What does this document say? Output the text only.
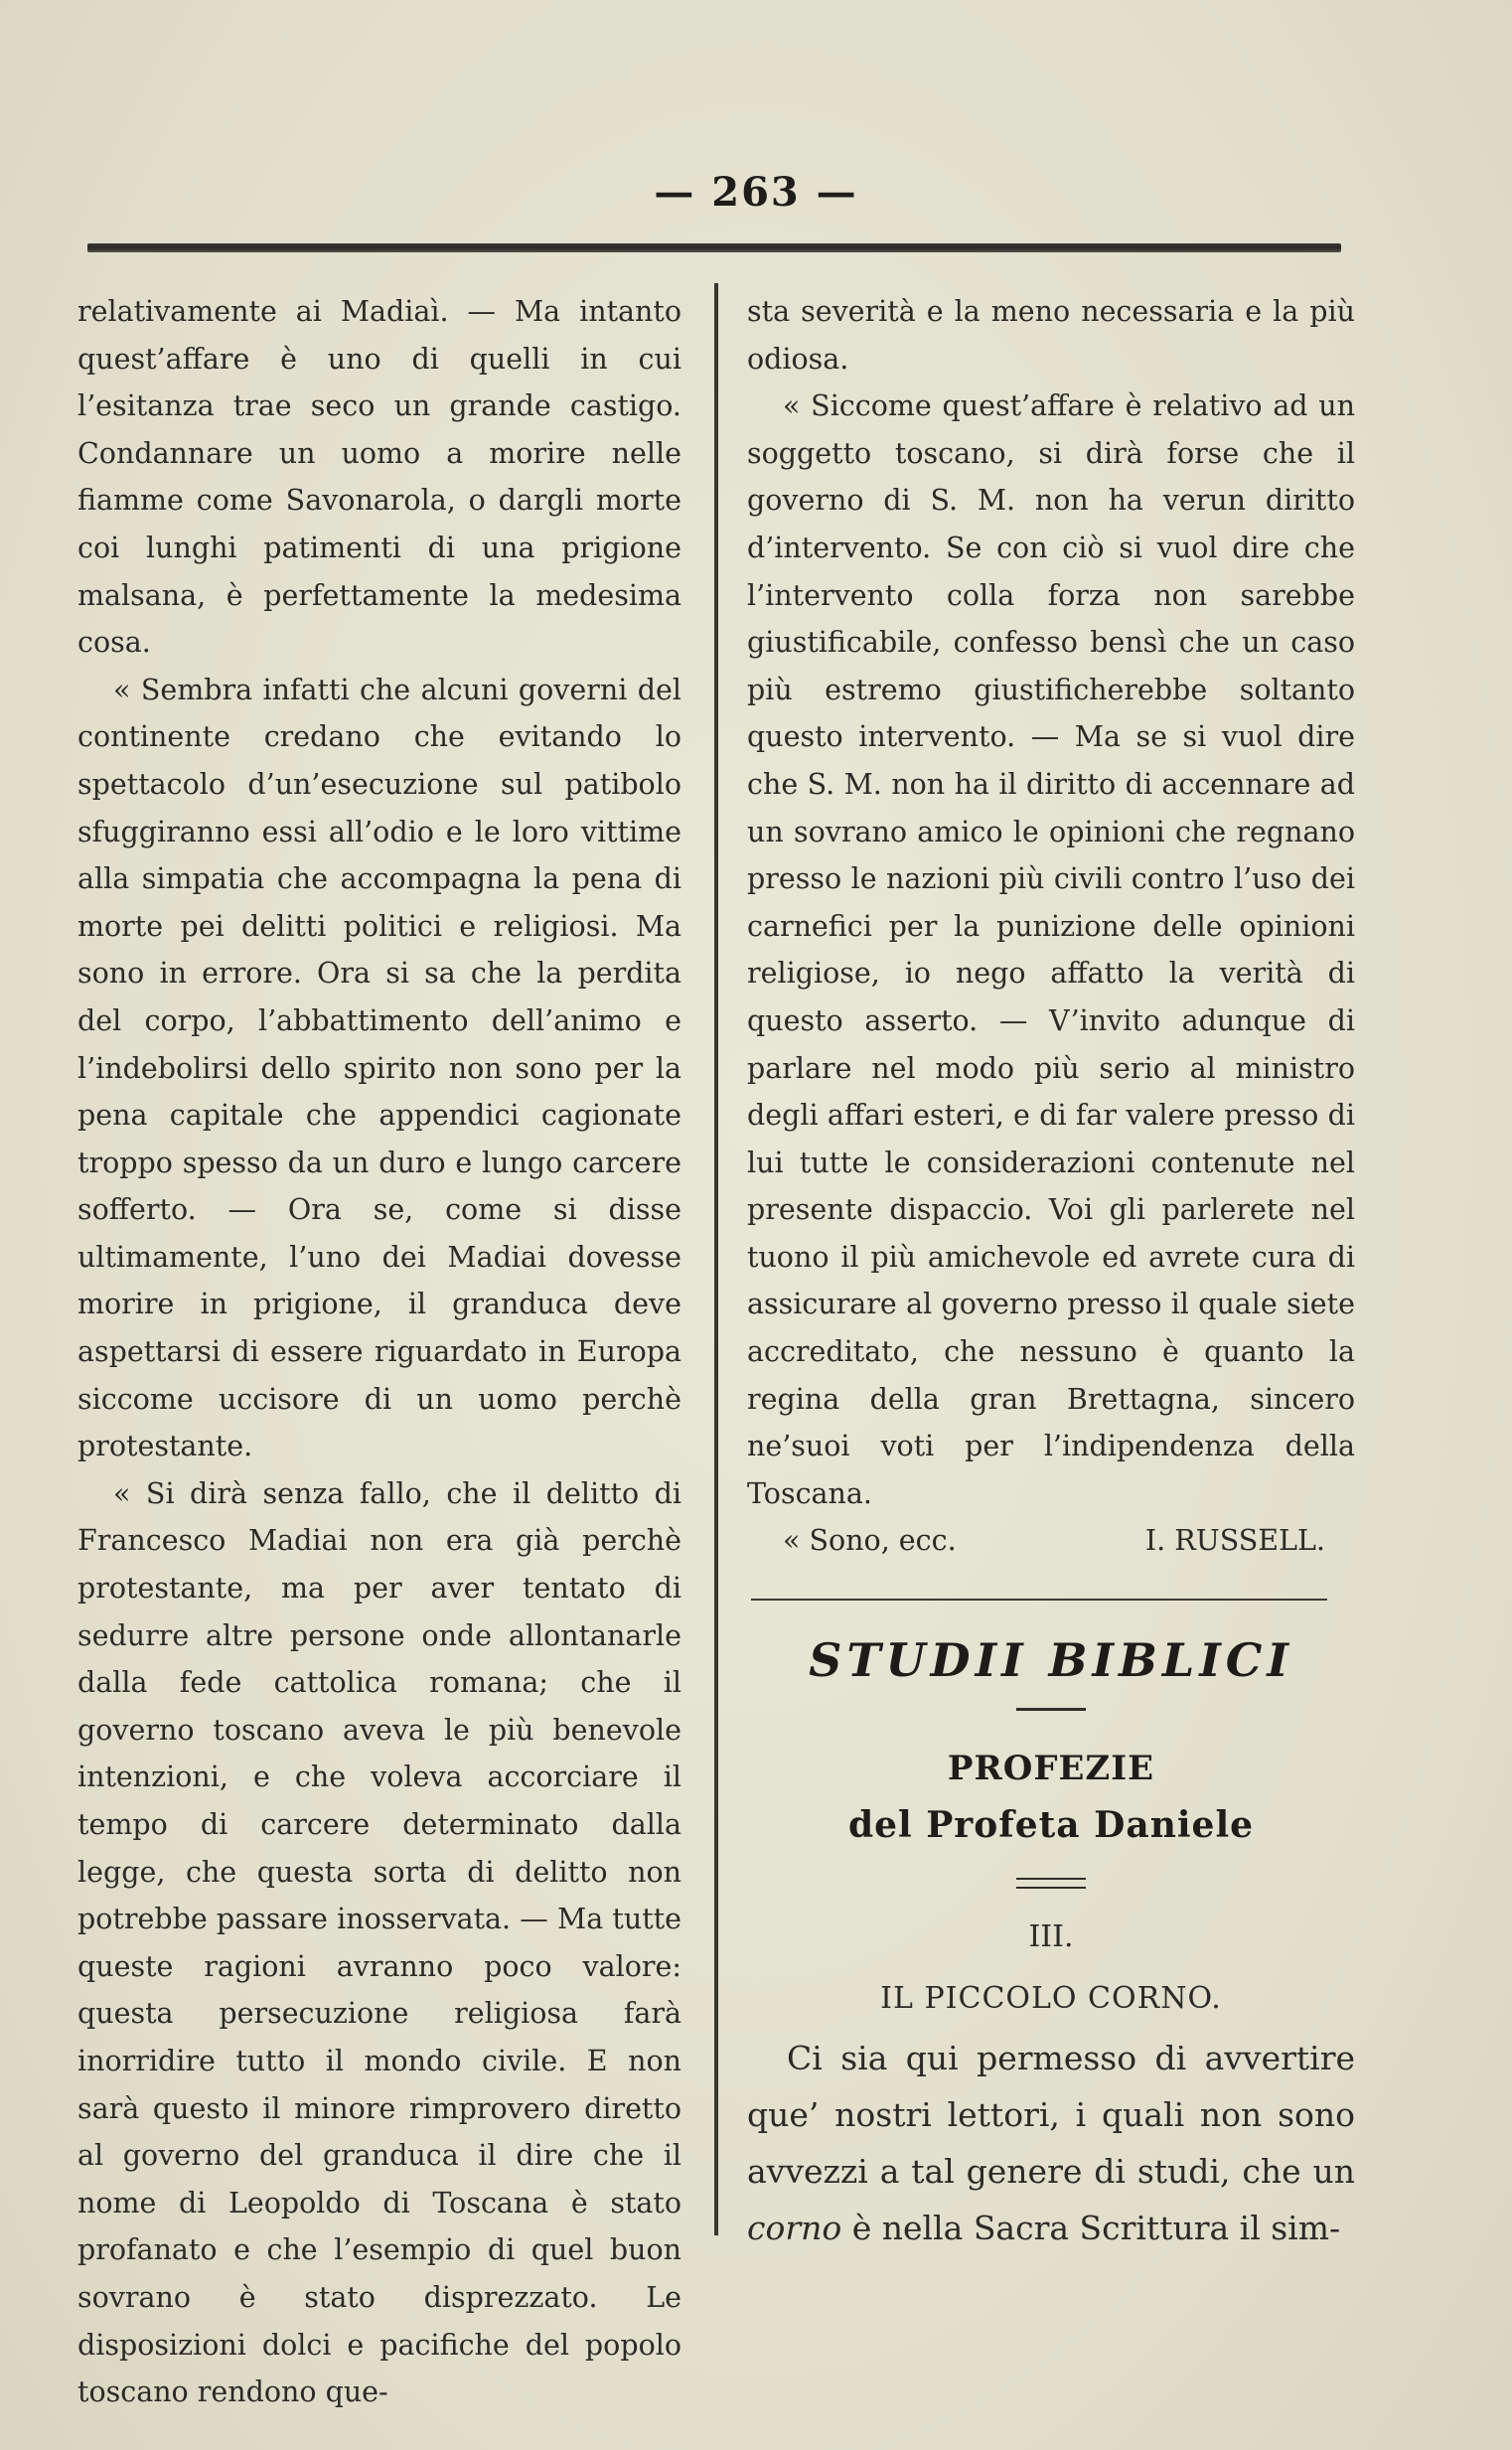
— 263 —

relativamente ai Madiaì. — Ma intanto quest’affare è uno di quelli in cui l’esitanza trae seco un grande castigo. Condannare un uomo a morire nelle fiamme come Savonarola, o dargli morte coi lunghi patimenti di una prigione malsana, è perfettamente la medesima cosa.

« Sembra infatti che alcuni governi del continente credano che evitando lo spettacolo d’un’esecuzione sul patibolo sfuggiranno essi all’odio e le loro vittime alla simpatia che accompagna la pena di morte pei delitti politici e religiosi. Ma sono in errore. Ora si sa che la perdita del corpo, l’abbattimento dell’animo e l’indebolirsi dello spirito non sono per la pena capitale che appendici cagionate troppo spesso da un duro e lungo carcere sofferto. — Ora se, come si disse ultimamente, l’uno dei Madiai dovesse morire in prigione, il granduca deve aspettarsi di essere riguardato in Europa siccome uccisore di un uomo perchè protestante.

« Si dirà senza fallo, che il delitto di Francesco Madiai non era già perchè protestante, ma per aver tentato di sedurre altre persone onde allontanarle dalla fede cattolica romana; che il governo toscano aveva le più benevole intenzioni, e che voleva accorciare il tempo di carcere determinato dalla legge, che questa sorta di delitto non potrebbe passare inosservata. — Ma tutte queste ragioni avranno poco valore: questa persecuzione religiosa farà inorridire tutto il mondo civile. E non sarà questo il minore rimprovero diretto al governo del granduca il dire che il nome di Leopoldo di Toscana è stato profanato e che l’esempio di quel buon sovrano è stato disprezzato. Le disposizioni dolci e pacifiche del popolo toscano rendono que-

sta severità e la meno necessaria e la più odiosa.

« Siccome quest’affare è relativo ad un soggetto toscano, si dirà forse che il governo di S. M. non ha verun diritto d’intervento. Se con ciò si vuol dire che l’intervento colla forza non sarebbe giustificabile, confesso bensì che un caso più estremo giustificherebbe soltanto questo intervento. — Ma se si vuol dire che S. M. non ha il diritto di accennare ad un sovrano amico le opinioni che regnano presso le nazioni più civili contro l’uso dei carnefici per la punizione delle opinioni religiose, io nego affatto la verità di questo asserto. — V’invito adunque di parlare nel modo più serio al ministro degli affari esteri, e di far valere presso di lui tutte le considerazioni contenute nel presente dispaccio. Voi gli parlerete nel tuono il più amichevole ed avrete cura di assicurare al governo presso il quale siete accreditato, che nessuno è quanto la regina della gran Brettagna, sincero ne’suoi voti per l’indipendenza della Toscana.

« Sono, ecc.	I. RUSSELL.
STUDII BIBLICI
PROFEZIE
del Profeta Daniele
III.
IL PICCOLO CORNO.

Ci sia qui permesso di avvertire que’ nostri lettori, i quali non sono avvezzi a tal genere di studi, che un corno è nella Sacra Scrittura il sim-
